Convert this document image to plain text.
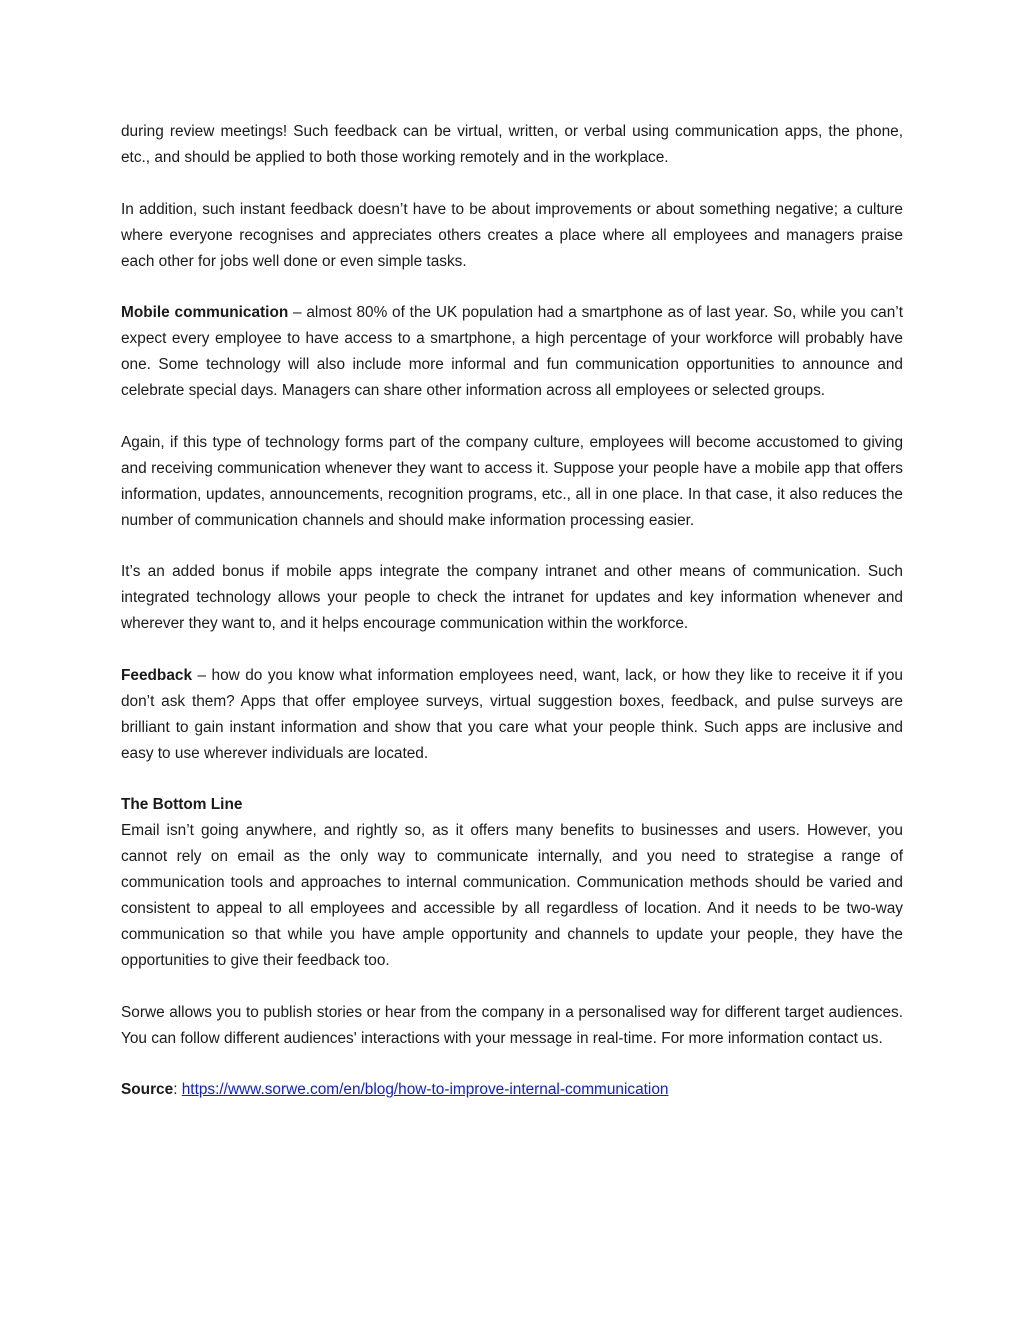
during review meetings! Such feedback can be virtual, written, or verbal using communication apps, the phone, etc., and should be applied to both those working remotely and in the workplace.

In addition, such instant feedback doesn’t have to be about improvements or about something negative; a culture where everyone recognises and appreciates others creates a place where all employees and managers praise each other for jobs well done or even simple tasks.

Mobile communication – almost 80% of the UK population had a smartphone as of last year. So, while you can’t expect every employee to have access to a smartphone, a high percentage of your workforce will probably have one. Some technology will also include more informal and fun communication opportunities to announce and celebrate special days. Managers can share other information across all employees or selected groups.

Again, if this type of technology forms part of the company culture, employees will become accustomed to giving and receiving communication whenever they want to access it. Suppose your people have a mobile app that offers information, updates, announcements, recognition programs, etc., all in one place. In that case, it also reduces the number of communication channels and should make information processing easier.

It’s an added bonus if mobile apps integrate the company intranet and other means of communication. Such integrated technology allows your people to check the intranet for updates and key information whenever and wherever they want to, and it helps encourage communication within the workforce.

Feedback – how do you know what information employees need, want, lack, or how they like to receive it if you don’t ask them? Apps that offer employee surveys, virtual suggestion boxes, feedback, and pulse surveys are brilliant to gain instant information and show that you care what your people think. Such apps are inclusive and easy to use wherever individuals are located.

The Bottom Line

Email isn’t going anywhere, and rightly so, as it offers many benefits to businesses and users. However, you cannot rely on email as the only way to communicate internally, and you need to strategise a range of communication tools and approaches to internal communication. Communication methods should be varied and consistent to appeal to all employees and accessible by all regardless of location. And it needs to be two-way communication so that while you have ample opportunity and channels to update your people, they have the opportunities to give their feedback too.

Sorwe allows you to publish stories or hear from the company in a personalised way for different target audiences. You can follow different audiences' interactions with your message in real-time. For more information contact us.

Source: https://www.sorwe.com/en/blog/how-to-improve-internal-communication
